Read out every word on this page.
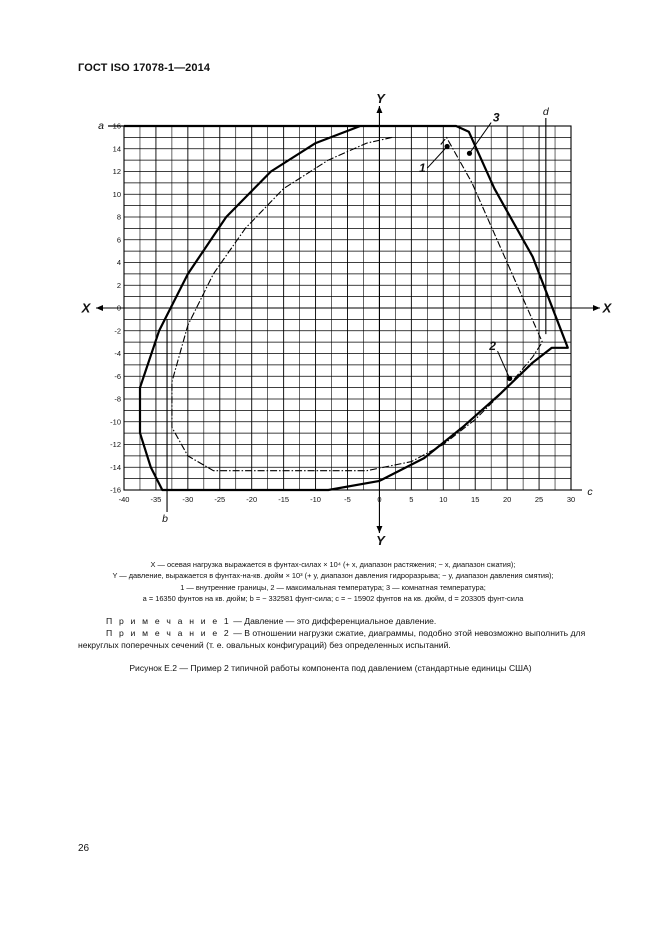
ГОСТ ISO 17078-1—2014
X	X
Y
Y
-40	-35	-30	-25	-20	-15	-10	-5	0	5	10	15	20	25	30
16
14
12
10
8
6
4
2
0
-2
-4
-6
-8
-10
-12
-14
-16
a
b
c
d
1
2
3
X — осевая нагрузка выражается в фунтах-силах × 10⁴ (+ x, диапазон растяжения; − x, диапазон сжатия);
Y — давление, выражается в фунтах-на-кв. дюйм × 10³ (+ y, диапазон давления гидроразрыва; − y, диапазон давления смятия);
1 — внутренние границы, 2 — максимальная температура; 3 — комнатная температура;
a = 16350 фунтов на кв. дюйм; b = − 332581 фунт-сила; c = − 15902 фунтов на кв. дюйм, d = 203305 фунт-сила

П р и м е ч а н и е 1 — Давление — это дифференциальное давление.

П р и м е ч а н и е 2 — В отношении нагрузки сжатие, диаграммы, подобно этой невозможно выполнить для некруглых поперечных сечений (т. е. овальных конфигураций) без определенных испытаний.

Рисунок Е.2 — Пример 2 типичной работы компонента под давлением (стандартные единицы США)
26
